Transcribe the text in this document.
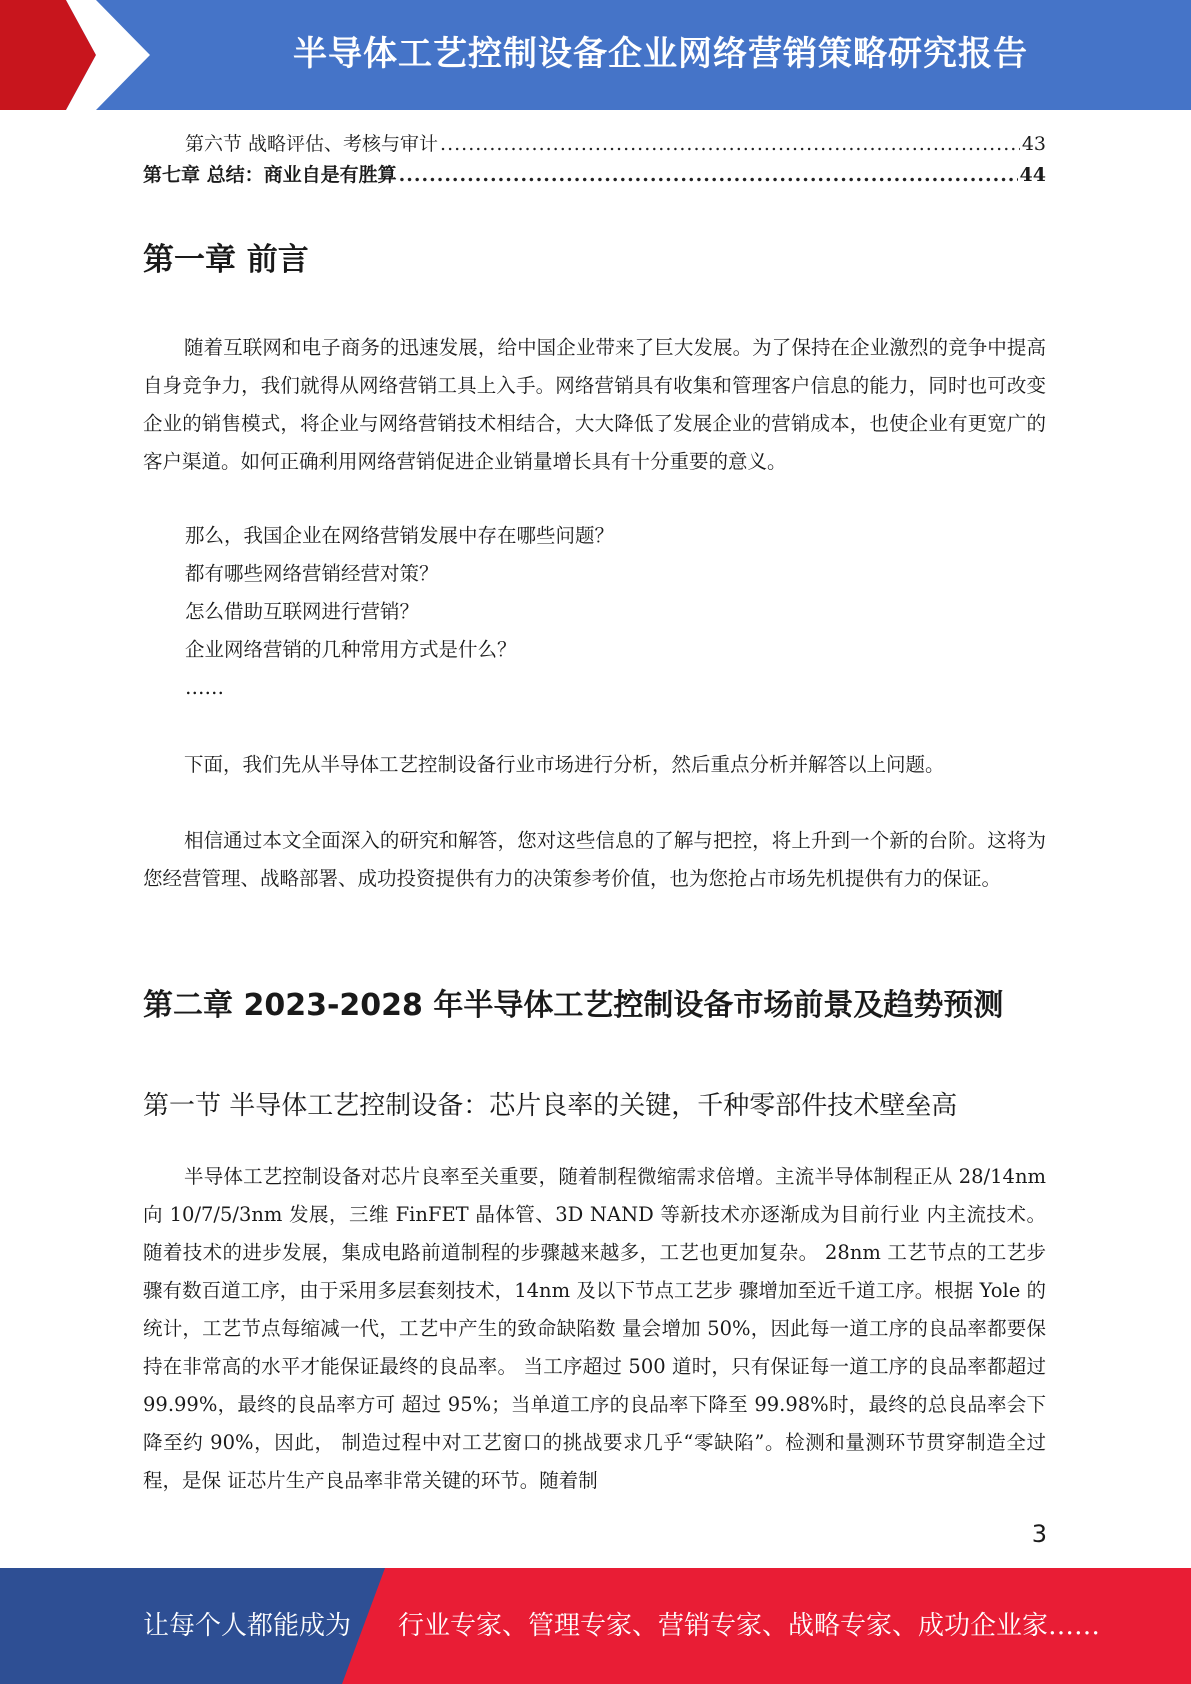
半导体工艺控制设备企业网络营销策略研究报告
第六节 战略评估、考核与审计 .....	43
第七章 总结：商业自是有胜算 .....	44
第一章 前言

随着互联网和电子商务的迅速发展，给中国企业带来了巨大发展。为了保持在企业激烈的竞争中提高自身竞争力，我们就得从网络营销工具上入手。网络营销具有收集和管理客户信息的能力，同时也可改变企业的销售模式，将企业与网络营销技术相结合，大大降低了发展企业的营销成本，也使企业有更宽广的客户渠道。如何正确利用网络营销促进企业销量增长具有十分重要的意义。

那么，我国企业在网络营销发展中存在哪些问题？
都有哪些网络营销经营对策？
怎么借助互联网进行营销？
企业网络营销的几种常用方式是什么？
……

下面，我们先从半导体工艺控制设备行业市场进行分析，然后重点分析并解答以上问题。

相信通过本文全面深入的研究和解答，您对这些信息的了解与把控，将上升到一个新的台阶。这将为您经营管理、战略部署、成功投资提供有力的决策参考价值，也为您抢占市场先机提供有力的保证。

第二章 2023-2028 年半导体工艺控制设备市场前景及趋势预测
第一节 半导体工艺控制设备：芯片良率的关键，千种零部件技术壁垒高

半导体工艺控制设备对芯片良率至关重要，随着制程微缩需求倍增。主流半导体制程正从 28/14nm 向 10/7/5/3nm 发展，三维 FinFET 晶体管、3D NAND 等新技术亦逐渐成为目前行业 内主流技术。随着技术的进步发展，集成电路前道制程的步骤越来越多，工艺也更加复杂。 28nm 工艺节点的工艺步骤有数百道工序，由于采用多层套刻技术，14nm 及以下节点工艺步 骤增加至近千道工序。根据 Yole 的统计，工艺节点每缩减一代，工艺中产生的致命缺陷数 量会增加 50%，因此每一道工序的良品率都要保持在非常高的水平才能保证最终的良品率。 当工序超过 500 道时，只有保证每一道工序的良品率都超过 99.99%，最终的良品率方可 超过 95%；当单道工序的良品率下降至 99.98%时，最终的总良品率会下降至约 90%，因此， 制造过程中对工艺窗口的挑战要求几乎“零缺陷”。检测和量测环节贯穿制造全过程，是保 证芯片生产良品率非常关键的环节。随着制

3
让每个人都能成为 行业专家、管理专家、营销专家、战略专家、成功企业家……
